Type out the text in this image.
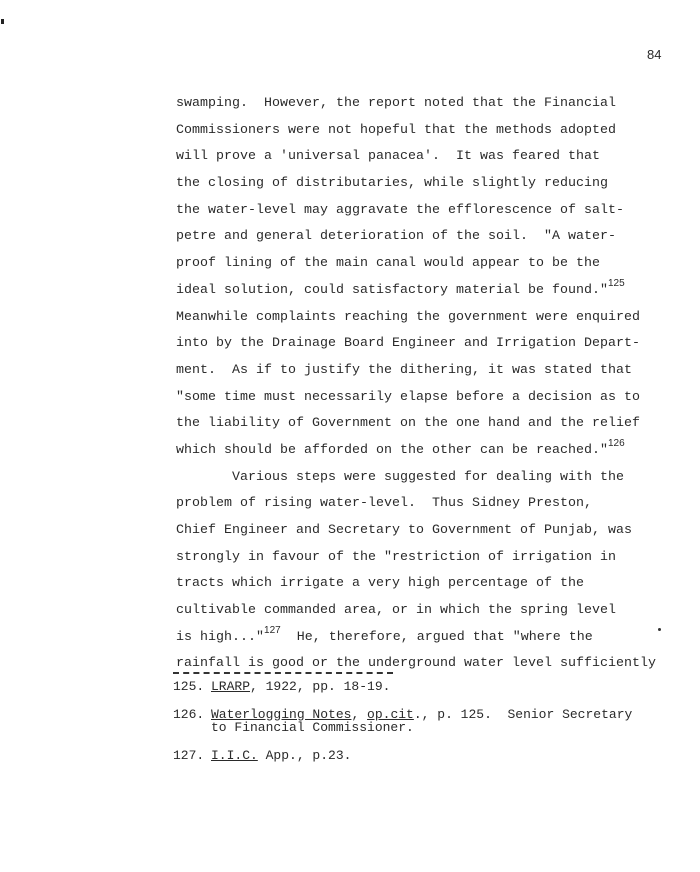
84
swamping.  However, the report noted that the Financial
Commissioners were not hopeful that the methods adopted
will prove a 'universal panacea'.  It was feared that
the closing of distributaries, while slightly reducing
the water-level may aggravate the efflorescence of salt-
petre and general deterioration of the soil.  "A water-
proof lining of the main canal would appear to be the
ideal solution, could satisfactory material be found."$^{125}$
Meanwhile complaints reaching the government were enquired
into by the Drainage Board Engineer and Irrigation Depart-
ment.  As if to justify the dithering, it was stated that
"some time must necessarily elapse before a decision as to
the liability of Government on the one hand and the relief
which should be afforded on the other can be reached."$^{126}$
Various steps were suggested for dealing with the
problem of rising water-level.  Thus Sidney Preston,
Chief Engineer and Secretary to Government of Punjab, was
strongly in favour of the "restriction of irrigation in
tracts which irrigate a very high percentage of the
cultivable commanded area, or in which the spring level
is high..."$^{127}$ He, therefore, argued that "where the
rainfall is good or the underground water level sufficiently
125. LRARP, 1922, pp. 18-19.
126. Waterlogging Notes, op.cit., p. 125.  Senior Secretary
to Financial Commissioner.
127. I.I.C. App., p.23.
